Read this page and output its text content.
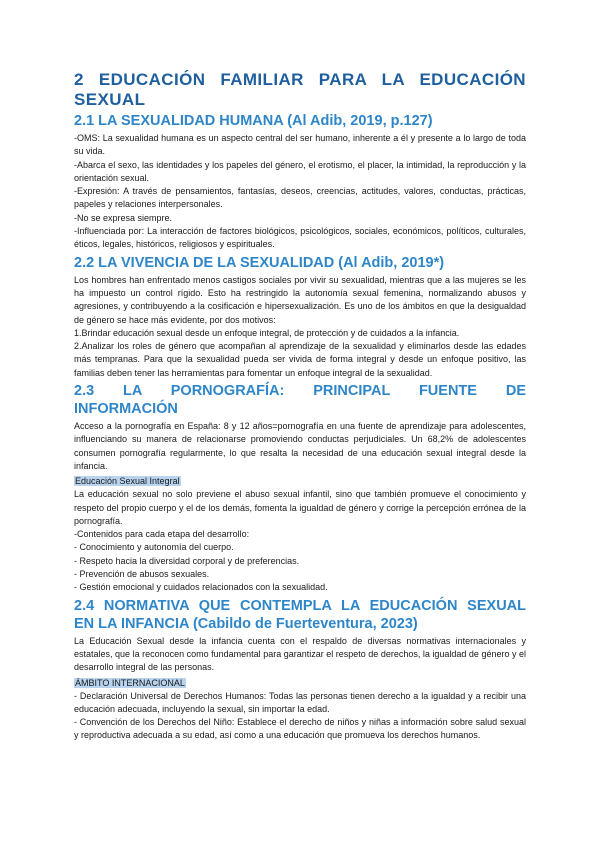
2 EDUCACIÓN FAMILIAR PARA LA EDUCACIÓN
SEXUAL
2.1 LA SEXUALIDAD HUMANA (Al Adib, 2019, p.127)

-OMS: La sexualidad humana es un aspecto central del ser humano, inherente a él y presente a lo largo de toda su vida.

-Abarca el sexo, las identidades y los papeles del género, el erotismo, el placer, la intimidad, la reproducción y la orientación sexual.

-Expresión: A través de pensamientos, fantasías, deseos, creencias, actitudes, valores, conductas, prácticas, papeles y relaciones interpersonales.

-No se expresa siempre.

-Influenciada por: La interacción de factores biológicos, psicológicos, sociales, económicos, políticos, culturales, éticos, legales, históricos, religiosos y espirituales.

2.2 LA VIVENCIA DE LA SEXUALIDAD (Al Adib, 2019*)

Los hombres han enfrentado menos castigos sociales por vivir su sexualidad, mientras que a las mujeres se les ha impuesto un control rígido. Esto ha restringido la autonomía sexual femenina, normalizando abusos y agresiones, y contribuyendo a la cosificación e hipersexualización. Es uno de los ámbitos en que la desigualdad de género se hace más evidente, por dos motivos:

1.Brindar educación sexual desde un enfoque integral, de protección y de cuidados a la infancia.

2.Analizar los roles de género que acompañan al aprendizaje de la sexualidad y eliminarlos desde las edades más tempranas. Para que la sexualidad pueda ser vivida de forma integral y desde un enfoque positivo, las familias deben tener las herramientas para fomentar un enfoque integral de la sexualidad.

2.3 LA PORNOGRAFÍA: PRINCIPAL FUENTE DE
INFORMACIÓN

Acceso a la pornografía en España: 8 y 12 años=pornografía en una fuente de aprendizaje para adolescentes, influenciando su manera de relacionarse promoviendo conductas perjudiciales. Un 68,2% de adolescentes consumen pornografía regularmente, lo que resalta la necesidad de una educación sexual integral desde la infancia.

Educación Sexual Integral

La educación sexual no solo previene el abuso sexual infantil, sino que también promueve el conocimiento y respeto del propio cuerpo y el de los demás, fomenta la igualdad de género y corrige la percepción errónea de la pornografía.

-Contenidos para cada etapa del desarrollo:

- Conocimiento y autonomía del cuerpo.

- Respeto hacia la diversidad corporal y de preferencias.

- Prevención de abusos sexuales.

- Gestión emocional y cuidados relacionados con la sexualidad.

2.4 NORMATIVA QUE CONTEMPLA LA EDUCACIÓN SEXUAL
EN LA INFANCIA (Cabildo de Fuerteventura, 2023)

La Educación Sexual desde la infancia cuenta con el respaldo de diversas normativas internacionales y estatales, que la reconocen como fundamental para garantizar el respeto de derechos, la igualdad de género y el desarrollo integral de las personas.

ÁMBITO INTERNACIONAL

- Declaración Universal de Derechos Humanos: Todas las personas tienen derecho a la igualdad y a recibir una educación adecuada, incluyendo la sexual, sin importar la edad.

- Convención de los Derechos del Niño: Establece el derecho de niños y niñas a información sobre salud sexual y reproductiva adecuada a su edad, así como a una educación que promueva los derechos humanos.
